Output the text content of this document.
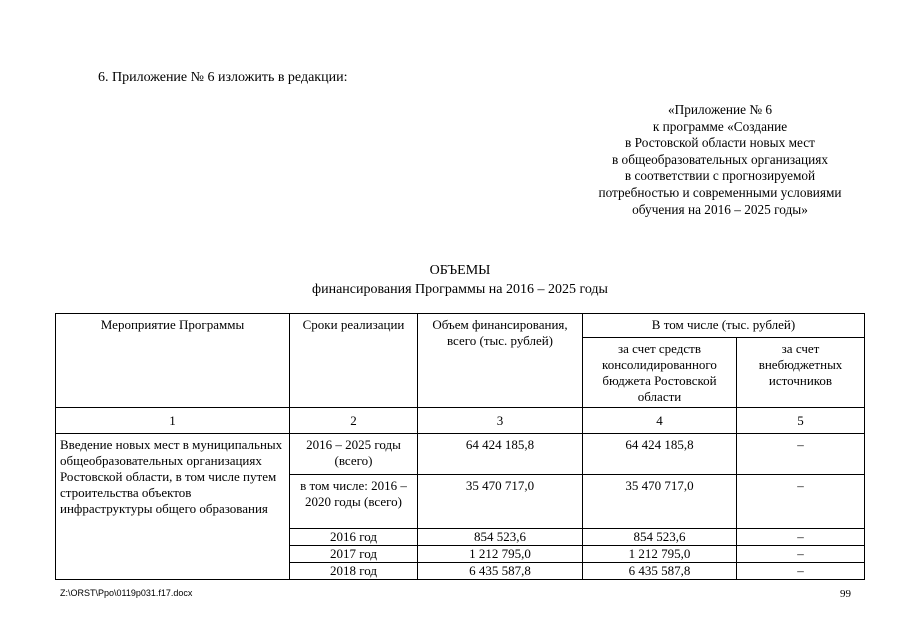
6. Приложение № 6 изложить в редакции:
«Приложение № 6
к программе «Создание
в Ростовской области новых мест
в общеобразовательных организациях
в соответствии с прогнозируемой
потребностью и современными условиями
обучения на 2016 – 2025 годы»
ОБЪЕМЫ
финансирования Программы на 2016 – 2025 годы
Мероприятие Программы	Сроки реализации	Объем финансирования, всего (тыс. рублей)	В том числе (тыс. рублей)	
			за счет средств консолидированного бюджета Ростовской области	за счет внебюджетных источников
1	2	3	4	5
Введение новых мест в муниципальных общеобразовательных организациях Ростовской области, в том числе путем строительства объектов инфраструктуры общего образования	2016 – 2025 годы (всего)	64 424 185,8	64 424 185,8	–
	в том числе: 2016 – 2020 годы (всего)	35 470 717,0	35 470 717,0	–
	2016 год	854 523,6	854 523,6	–
	2017 год	1 212 795,0	1 212 795,0	–
	2018 год	6 435 587,8	6 435 587,8	–
Z:\ORST\Ppo\0119p031.f17.docx	99
